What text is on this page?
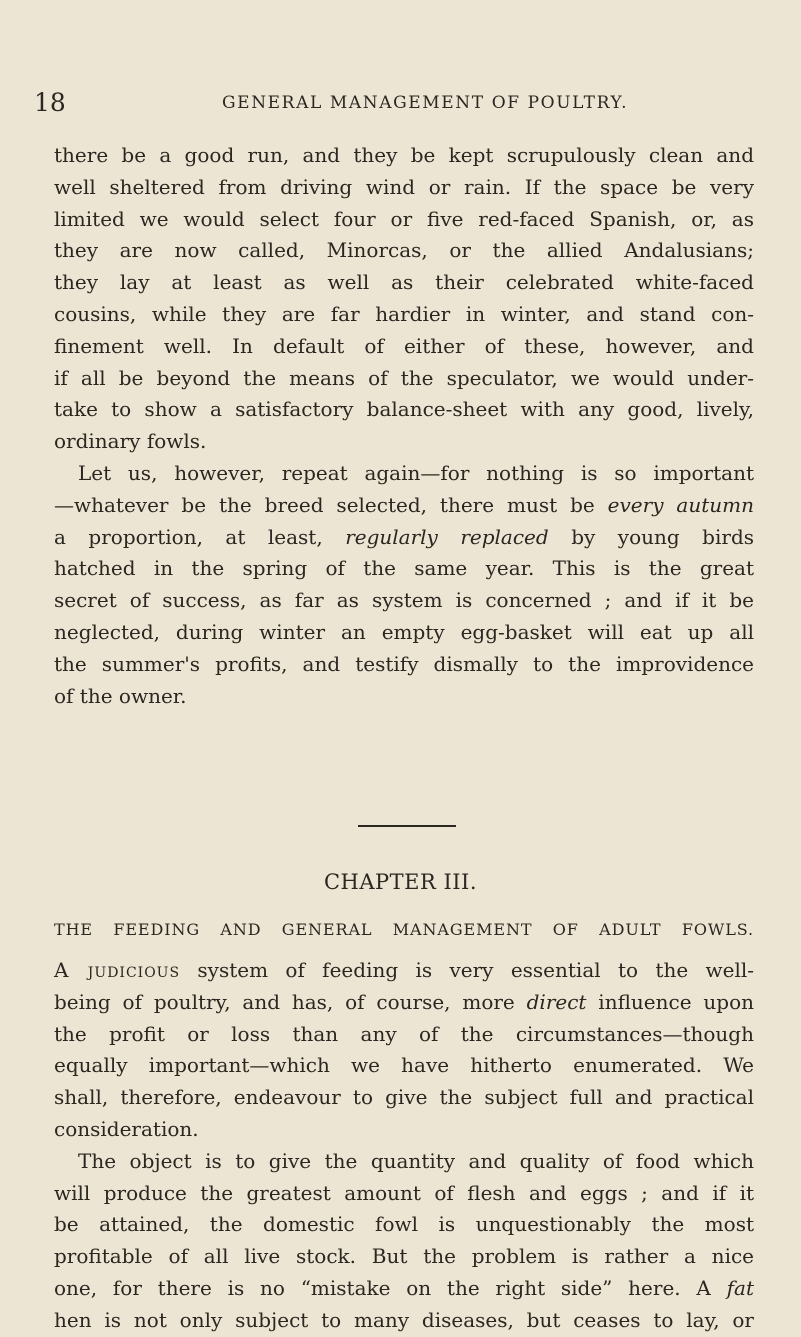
18	GENERAL MANAGEMENT OF POULTRY.
there be a good run, and they be kept scrupulously clean and
well sheltered from driving wind or rain. If the space be very
limited we would select four or five red-faced Spanish, or, as
they are now called, Minorcas, or the allied Andalusians;
they lay at least as well as their celebrated white-faced
cousins, while they are far hardier in winter, and stand con-
finement well. In default of either of these, however, and
if all be beyond the means of the speculator, we would under-
take to show a satisfactory balance-sheet with any good, lively,
ordinary fowls.
Let us, however, repeat again—for nothing is so important
—whatever be the breed selected, there must be every autumn
a proportion, at least, regularly replaced by young birds
hatched in the spring of the same year. This is the great
secret of success, as far as system is concerned ; and if it be
neglected, during winter an empty egg-basket will eat up all
the summer's profits, and testify dismally to the improvidence
of the owner.
CHAPTER III.
THE FEEDING AND GENERAL MANAGEMENT OF ADULT FOWLS.
A judicious system of feeding is very essential to the well-
being of poultry, and has, of course, more direct influence upon
the profit or loss than any of the circumstances—though
equally important—which we have hitherto enumerated. We
shall, therefore, endeavour to give the subject full and practical
consideration.
The object is to give the quantity and quality of food which
will produce the greatest amount of flesh and eggs ; and if it
be attained, the domestic fowl is unquestionably the most
profitable of all live stock. But the problem is rather a nice
one, for there is no “mistake on the right side” here. A fat
hen is not only subject to many diseases, but ceases to lay, or
